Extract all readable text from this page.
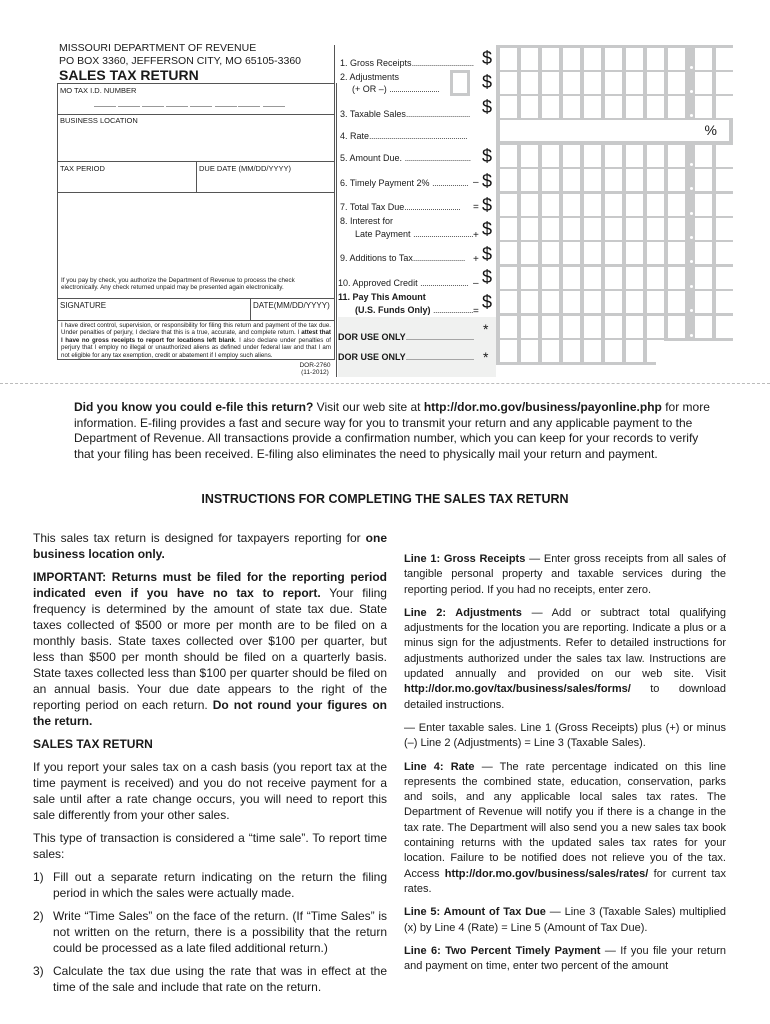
MISSOURI DEPARTMENT OF REVENUE
PO BOX 3360, JEFFERSON CITY, MO 65105-3360
SALES TAX RETURN
MO TAX I.D. NUMBER
BUSINESS LOCATION
TAX PERIOD	DUE DATE (MM/DD/YYYY)
If you pay by check, you authorize the Department of Revenue to process the check electronically. Any check returned unpaid may be presented again electronically.
SIGNATURE	DATE(MM/DD/YYYY)
I have direct control, supervision, or responsibility for filing this return and payment of the tax due. Under penalties of perjury, I declare that this is a true, accurate, and complete return. I attest that I have no gross receipts to report for locations left blank. I also declare under penalties of perjury that I employ no illegal or unauthorized aliens as defined under federal law and that I am not eligible for any tax exemption, credit or abatement if I employ such aliens.
DOR-2760
(11-2012)
1. Gross Receipts............................... $
2. Adjustments
(+ OR –) .........................	$
3. Taxable Sales................................ $
4. Rate.................................................
5. Amount Due. ................................. $
6. Timely Payment 2% .................. – $
7. Total Tax Due............................	= $
8. Interest for
Late Payment .............................. + $
9. Additions to Tax.......................... + $
10. Approved Credit ........................ – $
11. Pay This Amount
(U.S. Funds Only) .................... = $
DOR USE ONLY.................................. *
DOR USE ONLY.................................. *
%
Did you know you could e-file this return? Visit our web site at http://dor.mo.gov/business/payonline.php for more information. E-filing provides a fast and secure way for you to transmit your return and any applicable payment to the Department of Revenue. All transactions provide a confirmation number, which you can keep for your records to verify that your filing has been received. E-filing also eliminates the need to physically mail your return and payment.
INSTRUCTIONS FOR COMPLETING THE SALES TAX RETURN

This sales tax return is designed for taxpayers reporting for one business location only.

IMPORTANT: Returns must be filed for the reporting period indicated even if you have no tax to report. Your filing frequency is determined by the amount of state tax due. State taxes collected of $500 or more per month are to be filed on a monthly basis. State taxes collected over $100 per quarter, but less than $500 per month should be filed on a quarterly basis. State taxes collected less than $100 per quarter should be filed on an annual basis. Your due date appears to the right of the reporting period on each return. Do not round your figures on the return.

SALES TAX RETURN

If you report your sales tax on a cash basis (you report tax at the time payment is received) and you do not receive payment for a sale until after a rate change occurs, you will need to report this sale differently from your other sales.

This type of transaction is considered a “time sale”. To report time sales:

1) Fill out a separate return indicating on the return the filing period in which the sales were actually made.
2) Write “Time Sales” on the face of the return. (If “Time Sales” is not written on the return, there is a possibility that the return could be processed as a late filed additional return.)
3) Calculate the tax due using the rate that was in effect at the time of the sale and include that rate on the return.

Line 1: Gross Receipts — Enter gross receipts from all sales of tangible personal property and taxable services during the reporting period. If you had no receipts, enter zero.

Line 2: Adjustments — Add or subtract total qualifying adjustments for the location you are reporting. Indicate a plus or a minus sign for the adjustments. Refer to detailed instructions for adjustments authorized under the sales tax law. Instructions are updated annually and provided on our web site. Visit http://dor.mo.gov/tax/business/sales/forms/ to download detailed instructions.

— Enter taxable sales. Line 1 (Gross Receipts) plus (+) or minus (–) Line 2 (Adjustments) = Line 3 (Taxable Sales).

Line 4: Rate — The rate percentage indicated on this line represents the combined state, education, conservation, parks and soils, and any applicable local sales tax rates. The Department of Revenue will notify you if there is a change in the tax rate. The Department will also send you a new sales tax book containing returns with the updated sales tax rates for your location. Failure to be notified does not relieve you of the tax. Access http://dor.mo.gov/business/sales/rates/ for current tax rates.

Line 5: Amount of Tax Due — Line 3 (Taxable Sales) multiplied (x) by Line 4 (Rate) = Line 5 (Amount of Tax Due).

Line 6: Two Percent Timely Payment — If you file your return and payment on time, enter two percent of the amount
